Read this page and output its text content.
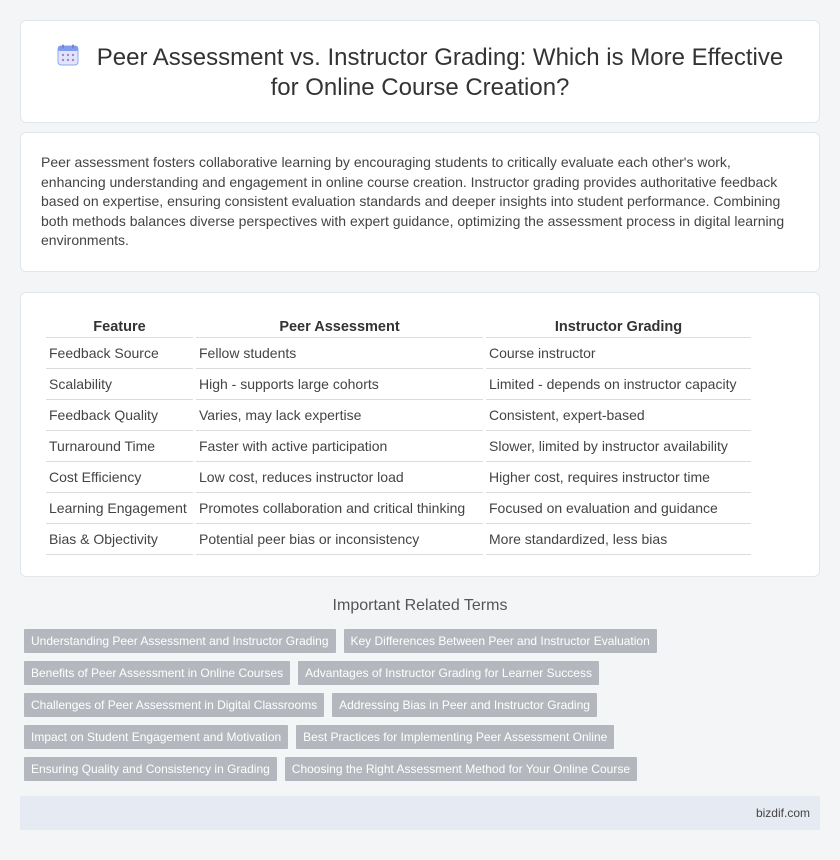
Peer Assessment vs. Instructor Grading: Which is More Effective
for Online Course Creation?

Peer assessment fosters collaborative learning by encouraging students to critically evaluate each other's work, enhancing understanding and engagement in online course creation. Instructor grading provides authoritative feedback based on expertise, ensuring consistent evaluation standards and deeper insights into student performance. Combining both methods balances diverse perspectives with expert guidance, optimizing the assessment process in digital learning environments.

Feature	Peer Assessment	Instructor Grading
Feedback Source	Fellow students	Course instructor
Scalability	High - supports large cohorts	Limited - depends on instructor capacity
Feedback Quality	Varies, may lack expertise	Consistent, expert-based
Turnaround Time	Faster with active participation	Slower, limited by instructor availability
Cost Efficiency	Low cost, reduces instructor load	Higher cost, requires instructor time
Learning Engagement	Promotes collaboration and critical thinking	Focused on evaluation and guidance
Bias & Objectivity	Potential peer bias or inconsistency	More standardized, less bias
Important Related Terms
Understanding Peer Assessment and Instructor Grading	Key Differences Between Peer and Instructor Evaluation
Benefits of Peer Assessment in Online Courses	Advantages of Instructor Grading for Learner Success
Challenges of Peer Assessment in Digital Classrooms	Addressing Bias in Peer and Instructor Grading
Impact on Student Engagement and Motivation	Best Practices for Implementing Peer Assessment Online
Ensuring Quality and Consistency in Grading	Choosing the Right Assessment Method for Your Online Course
bizdif.com
